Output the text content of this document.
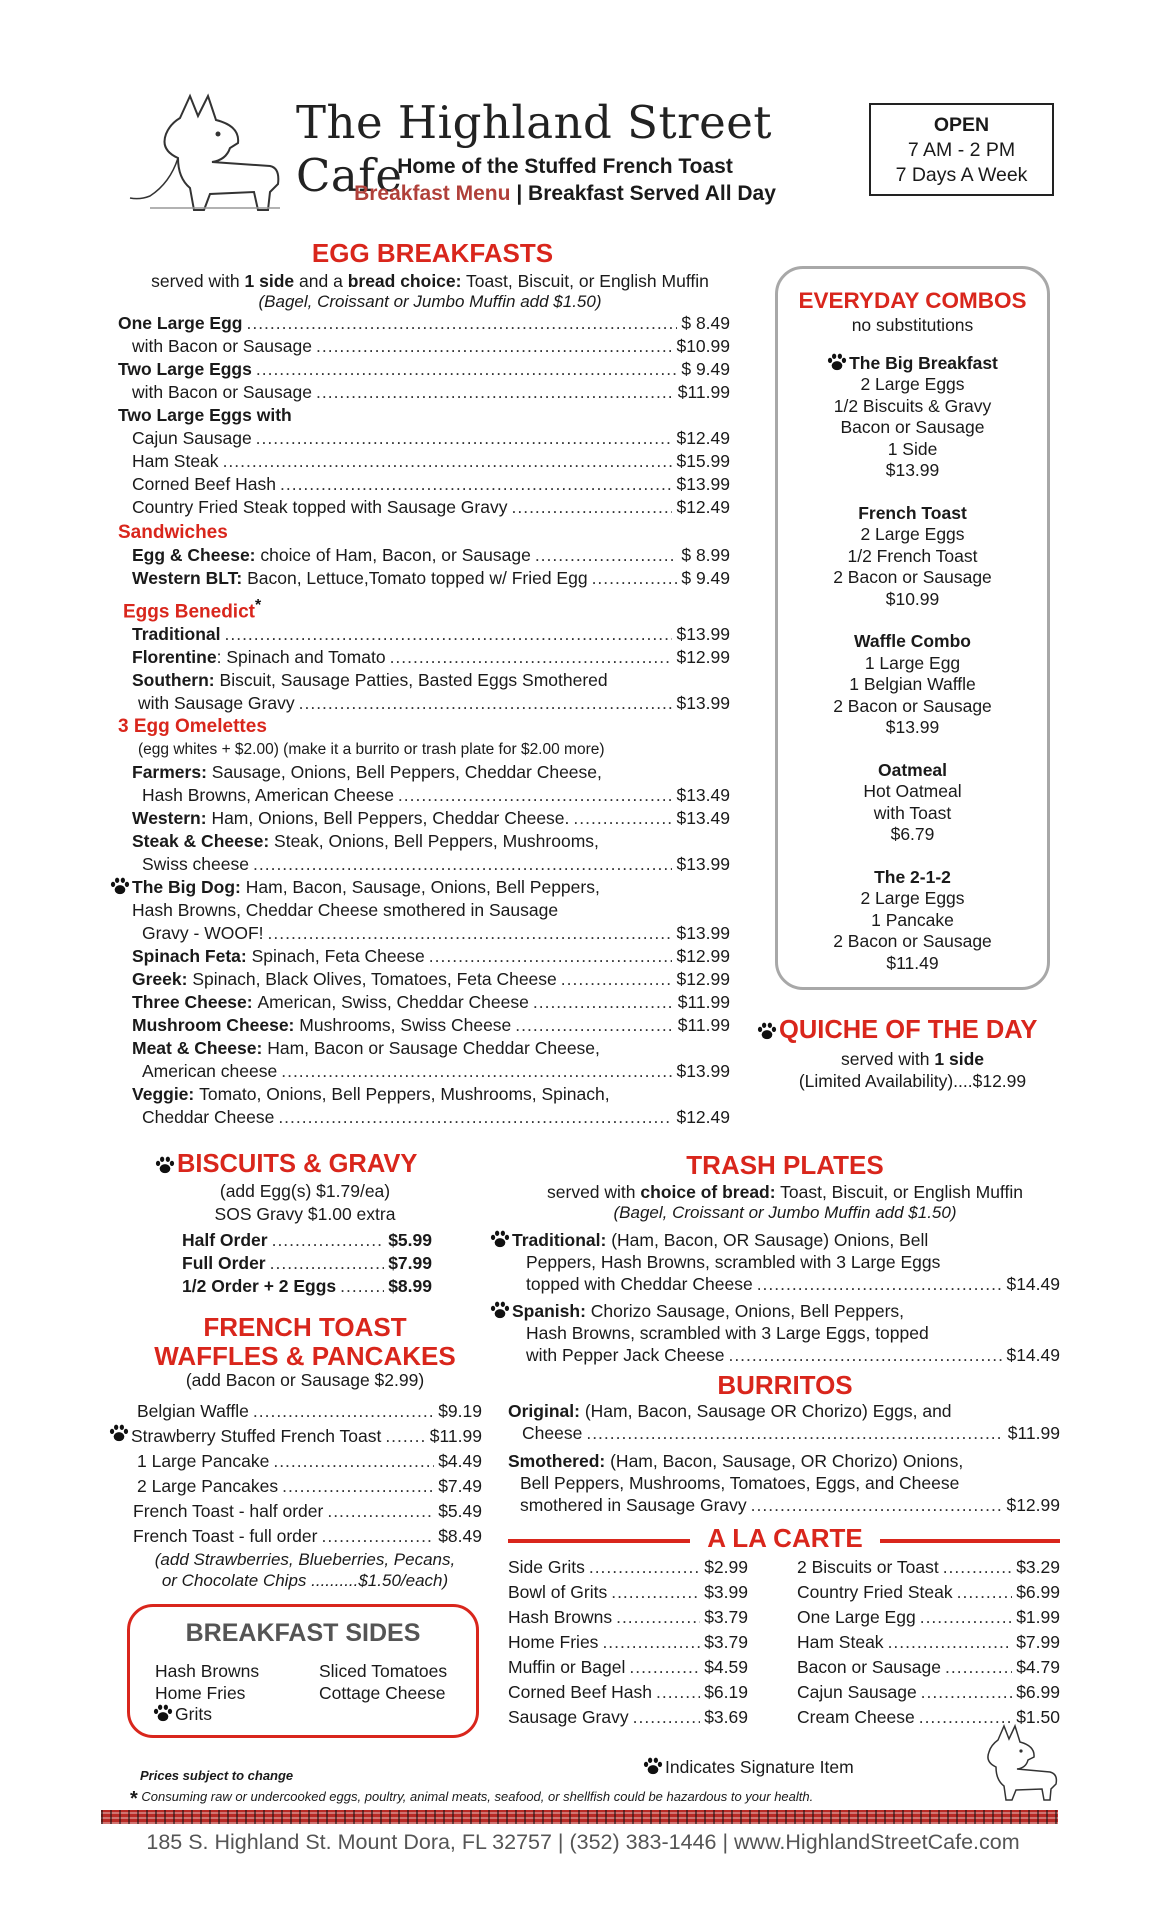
The Highland Street Cafe
Home of the Stuffed French Toast
Breakfast Menu | Breakfast Served All Day
OPEN
7 AM - 2 PM
7 Days A Week
EGG BREAKFASTS
served with 1 side and a bread choice: Toast, Biscuit, or English Muffin
(Bagel, Croissant or Jumbo Muffin add $1.50)
One Large Egg .....	$ 8.49
with Bacon or Sausage .....	$10.99
Two Large Eggs .....	$ 9.49
with Bacon or Sausage .....	$11.99
Two Large Eggs with
Cajun Sausage .....	$12.49
Ham Steak .....	$15.99
Corned Beef Hash .....	$13.99
Country Fried Steak topped with Sausage Gravy .....	$12.49
Sandwiches
Egg & Cheese:
choice of Ham, Bacon, or Sausage .....	$ 8.99
Western BLT:
Bacon, Lettuce,Tomato topped w/ Fried Egg .....	$ 9.49
Eggs Benedict*
Traditional .....	$13.99
Florentine : Spinach and Tomato .....	$12.99
Southern: Biscuit, Sausage Patties, Basted Eggs Smothered
with Sausage Gravy .....	$13.99
3 Egg Omelettes
(egg whites + $2.00) (make it a burrito or trash plate for $2.00 more)
Farmers: Sausage, Onions, Bell Peppers, Cheddar Cheese,
Hash Browns, American Cheese .....	$13.49
Western:
Ham, Onions, Bell Peppers, Cheddar Cheese. .....	$13.49
Steak & Cheese: Steak, Onions, Bell Peppers, Mushrooms,
Swiss cheese .....	$13.99
The Big Dog: Ham, Bacon, Sausage, Onions, Bell Peppers,
Hash Browns, Cheddar Cheese smothered in Sausage
Gravy - WOOF! .....	$13.99
Spinach Feta:
Spinach, Feta Cheese .....	$12.99
Greek:
Spinach, Black Olives, Tomatoes, Feta Cheese .....	$12.99
Three Cheese:
American, Swiss, Cheddar Cheese .....	$11.99
Mushroom Cheese:
Mushrooms, Swiss Cheese .....	$11.99
Meat & Cheese: Ham, Bacon or Sausage Cheddar Cheese,
American cheese .....	$13.99
Veggie: Tomato, Onions, Bell Peppers, Mushrooms, Spinach,
Cheddar Cheese .....	$12.49
EVERYDAY COMBOS
no substitutions
The Big Breakfast
2 Large Eggs
1/2 Biscuits & Gravy
Bacon or Sausage
1 Side
$13.99
French Toast
2 Large Eggs
1/2 French Toast
2 Bacon or Sausage
$10.99
Waffle Combo
1 Large Egg
1 Belgian Waffle
2 Bacon or Sausage
$13.99
Oatmeal
Hot Oatmeal
with Toast
$6.79
The 2-1-2
2 Large Eggs
1 Pancake
2 Bacon or Sausage
$11.49
QUICHE OF THE DAY
served with 1 side
(Limited Availability)....$12.99
BISCUITS & GRAVY
(add Egg(s) $1.79/ea)
SOS Gravy $1.00 extra
Half Order .....	$5.99
Full Order .....	$7.99
1/2 Order + 2 Eggs .....	$8.99
FRENCH TOAST
WAFFLES & PANCAKES
(add Bacon or Sausage $2.99)
Belgian Waffle .....	$9.19
Strawberry Stuffed French Toast .....	$11.99
1 Large Pancake .....	$4.49
2 Large Pancakes .....	$7.49
French Toast - half order .....	$5.49
French Toast - full order .....	$8.49
(add Strawberries, Blueberries, Pecans,
or Chocolate Chips ..........$1.50/each)
BREAKFAST SIDES
Hash Browns
Home Fries
Grits
Sliced Tomatoes
Cottage Cheese
TRASH PLATES
served with choice of bread: Toast, Biscuit, or English Muffin
(Bagel, Croissant or Jumbo Muffin add $1.50)
Traditional: (Ham, Bacon, OR Sausage) Onions, Bell
Peppers, Hash Browns, scrambled with 3 Large Eggs
topped with Cheddar Cheese .....	$14.49
Spanish: Chorizo Sausage, Onions, Bell Peppers,
Hash Browns, scrambled with 3 Large Eggs, topped
with Pepper Jack Cheese .....	$14.49
BURRITOS
Original: (Ham, Bacon, Sausage OR Chorizo) Eggs, and
Cheese .....	$11.99
Smothered: (Ham, Bacon, Sausage, OR Chorizo) Onions,
Bell Peppers, Mushrooms, Tomatoes, Eggs, and Cheese
smothered in Sausage Gravy .....	$12.99
A LA CARTE
Side Grits .....	$2.99
Bowl of Grits .....	$3.99
Hash Browns .....	$3.79
Home Fries .....	$3.79
Muffin or Bagel .....	$4.59
Corned Beef Hash .....	$6.19
Sausage Gravy .....	$3.69
2 Biscuits or Toast .....	$3.29
Country Fried Steak .....	$6.99
One Large Egg .....	$1.99
Ham Steak .....	$7.99
Bacon or Sausage .....	$4.79
Cajun Sausage .....	$6.99
Cream Cheese .....	$1.50
Prices subject to change	Indicates Signature Item
* Consuming raw or undercooked eggs, poultry, animal meats, seafood, or shellfish could be hazardous to your health.
185 S. Highland St. Mount Dora, FL 32757 | (352) 383-1446 | www.HighlandStreetCafe.com
